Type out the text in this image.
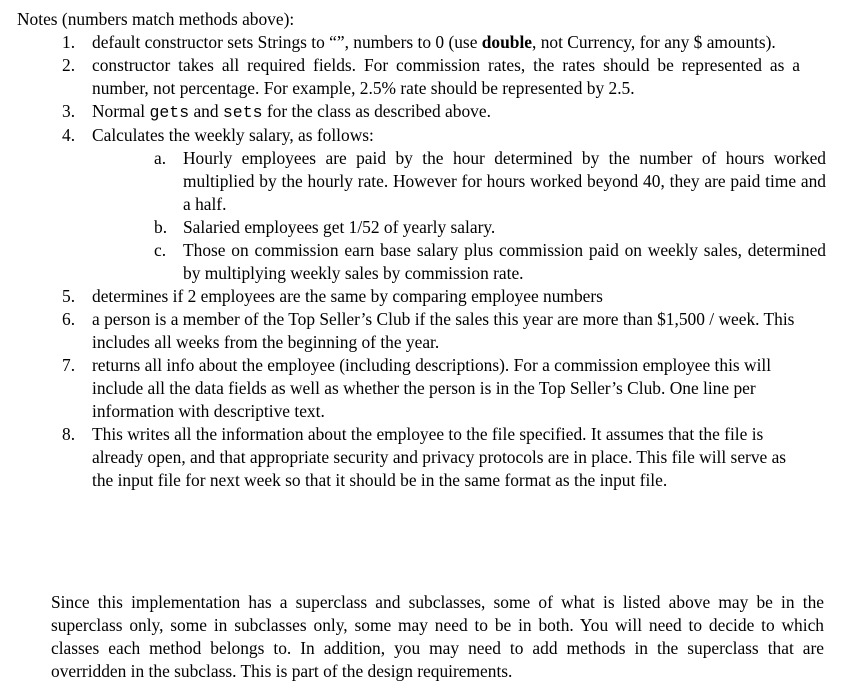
Notes (numbers match methods above):
1. default constructor sets Strings to “”, numbers to 0 (use double, not Currency, for any $ amounts).
2. constructor takes all required fields. For commission rates, the rates should be represented as a number, not percentage. For example, 2.5% rate should be represented by 2.5.
3. Normal gets and sets for the class as described above.
4. Calculates the weekly salary, as follows:
a. Hourly employees are paid by the hour determined by the number of hours worked multiplied by the hourly rate. However for hours worked beyond 40, they are paid time and a half.
b. Salaried employees get 1/52 of yearly salary.
c. Those on commission earn base salary plus commission paid on weekly sales, determined by multiplying weekly sales by commission rate.
5. determines if 2 employees are the same by comparing employee numbers
6. a person is a member of the Top Seller’s Club if the sales this year are more than $1,500 / week. This includes all weeks from the beginning of the year.
7. returns all info about the employee (including descriptions). For a commission employee this will include all the data fields as well as whether the person is in the Top Seller’s Club. One line per information with descriptive text.
8. This writes all the information about the employee to the file specified. It assumes that the file is already open, and that appropriate security and privacy protocols are in place. This file will serve as the input file for next week so that it should be in the same format as the input file.
Since this implementation has a superclass and subclasses, some of what is listed above may be in the superclass only, some in subclasses only, some may need to be in both. You will need to decide to which classes each method belongs to. In addition, you may need to add methods in the superclass that are overridden in the subclass. This is part of the design requirements.
